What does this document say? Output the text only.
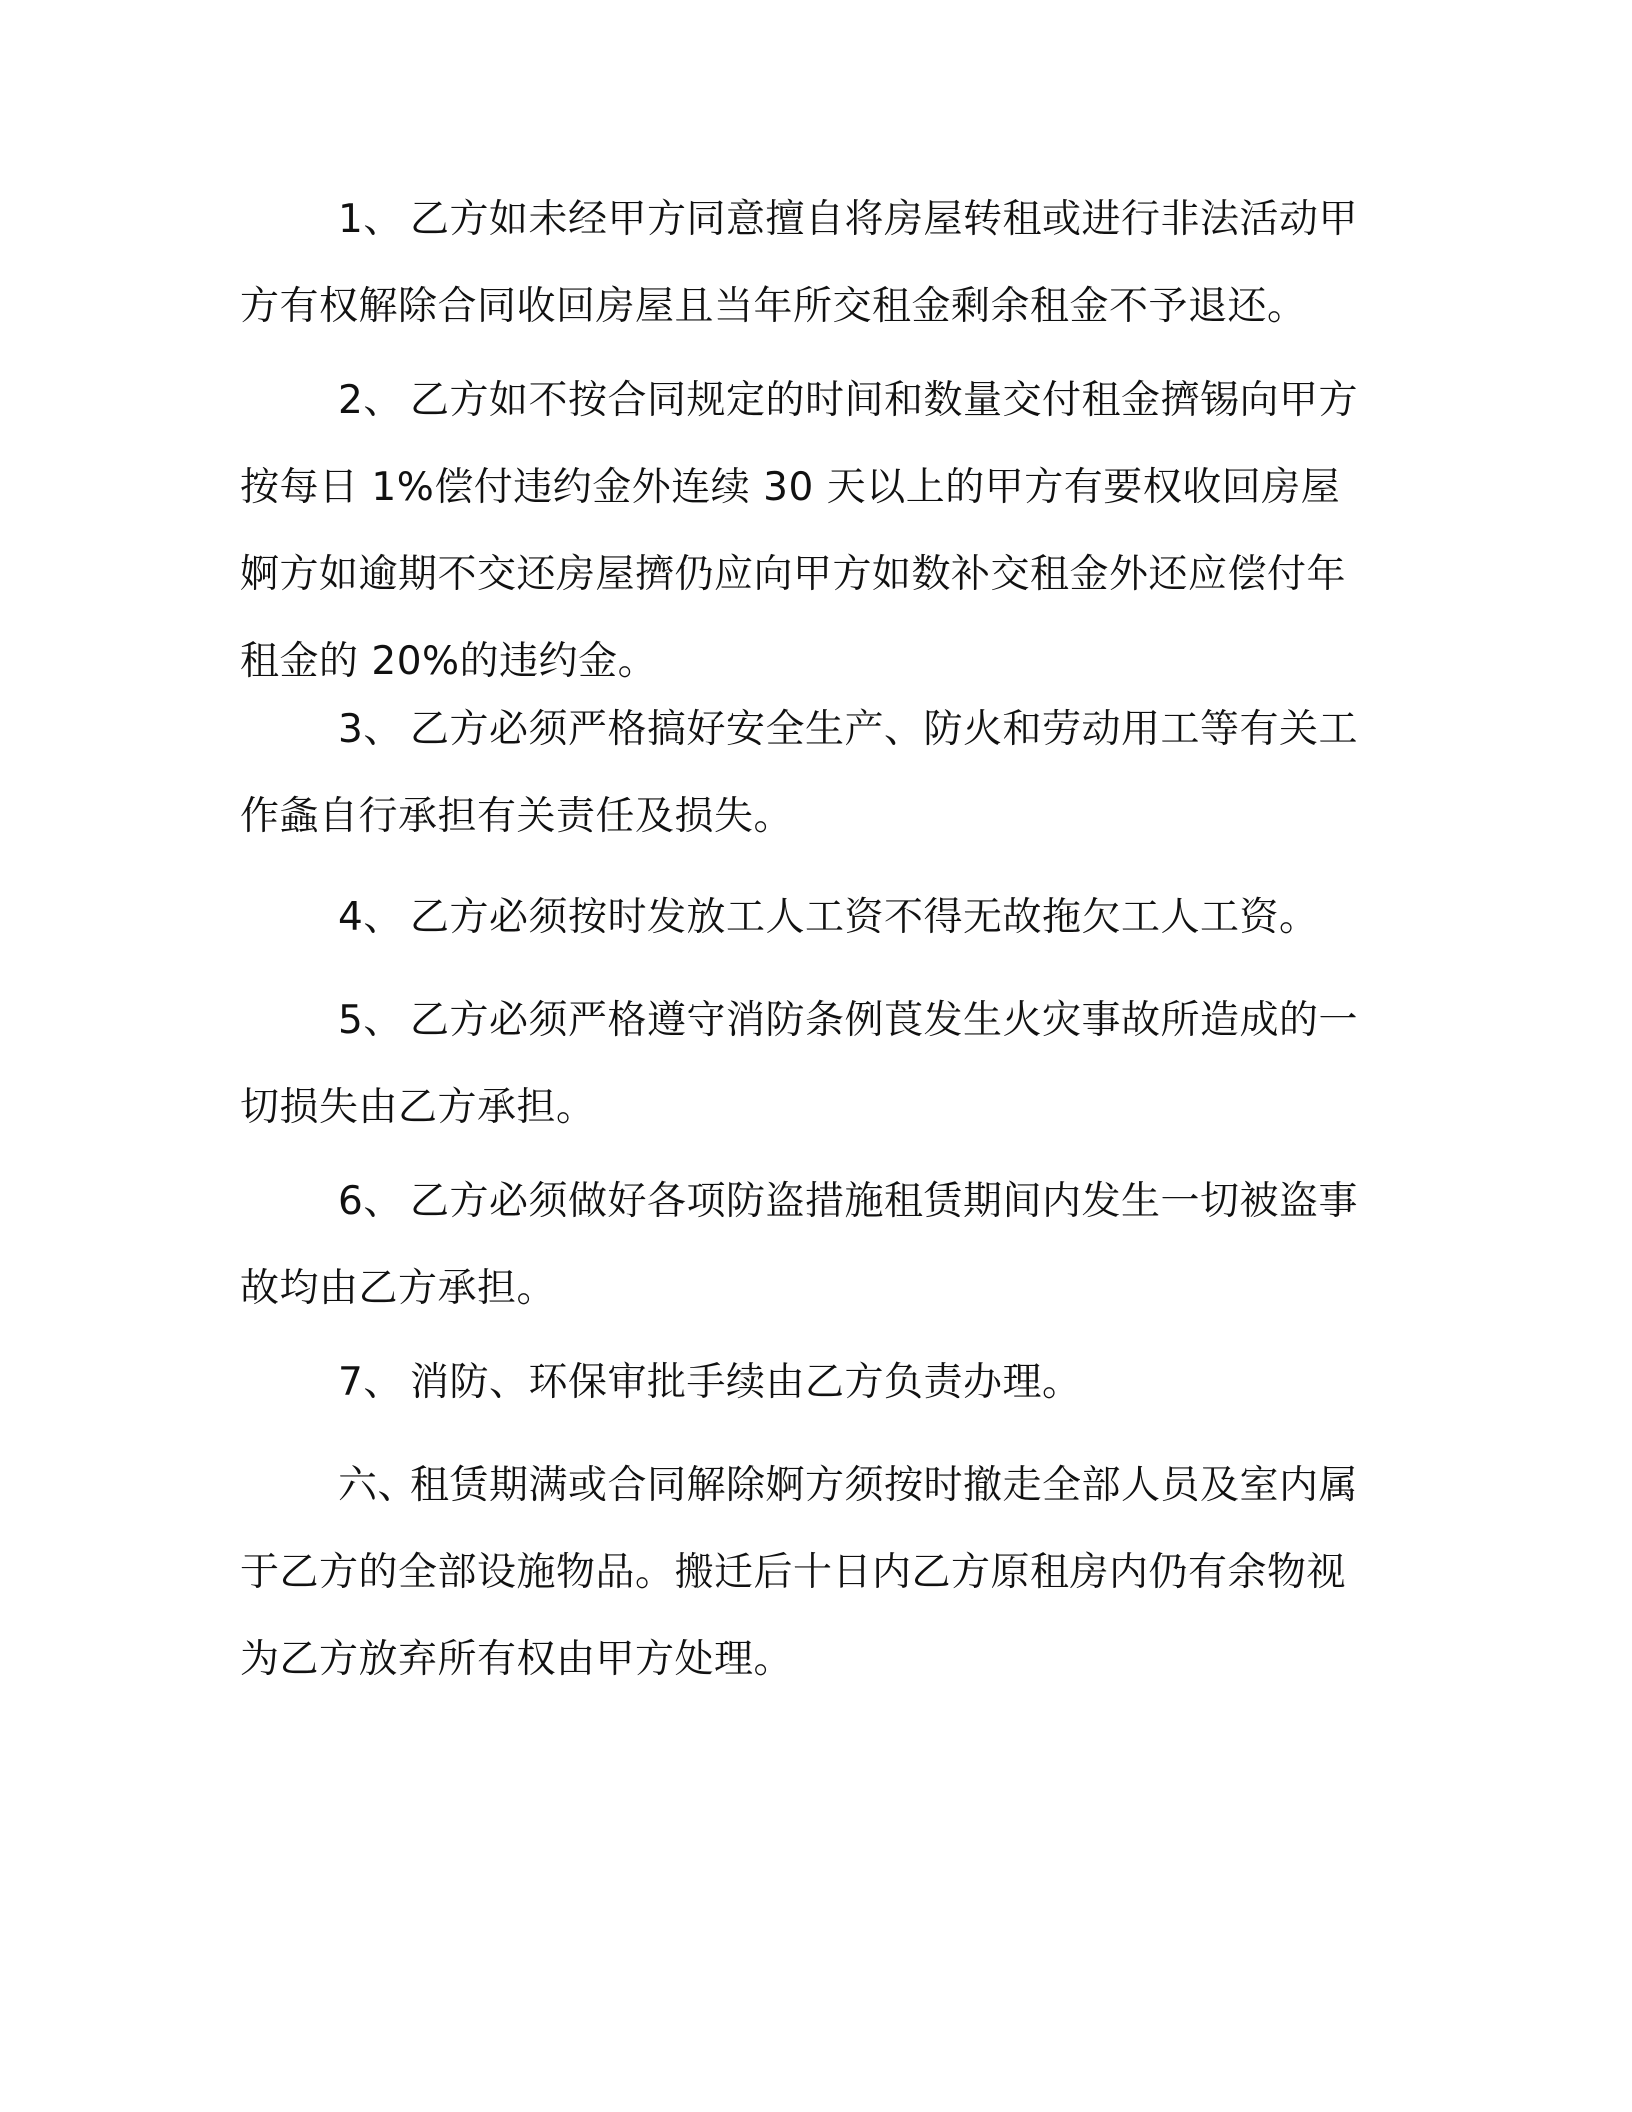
1、 乙方如未经甲方同意擅自将房屋转租或进行非法活动甲方有权解除合同收回房屋且当年所交租金剩余租金不予退还。

2、 乙方如不按合同规定的时间和数量交付租金擠锡向甲方按每日 1%偿付违约金外连续 30 天以上的甲方有要权收回房屋婀方如逾期不交还房屋擠仍应向甲方如数补交租金外还应偿付年租金的 20%的违约金。

3、 乙方必须严格搞好安全生产、防火和劳动用工等有关工作螽自行承担有关责任及损失。

4、 乙方必须按时发放工人工资不得无故拖欠工人工资。

5、 乙方必须严格遵守消防条例莨发生火灾事故所造成的一切损失由乙方承担。

6、 乙方必须做好各项防盗措施租赁期间内发生一切被盗事故均由乙方承担。

7、 消防、环保审批手续由乙方负责办理。

六、租赁期满或合同解除婀方须按时撤走全部人员及室内属于乙方的全部设施物品。搬迁后十日内乙方原租房内仍有余物视为乙方放弃所有权由甲方处理。
